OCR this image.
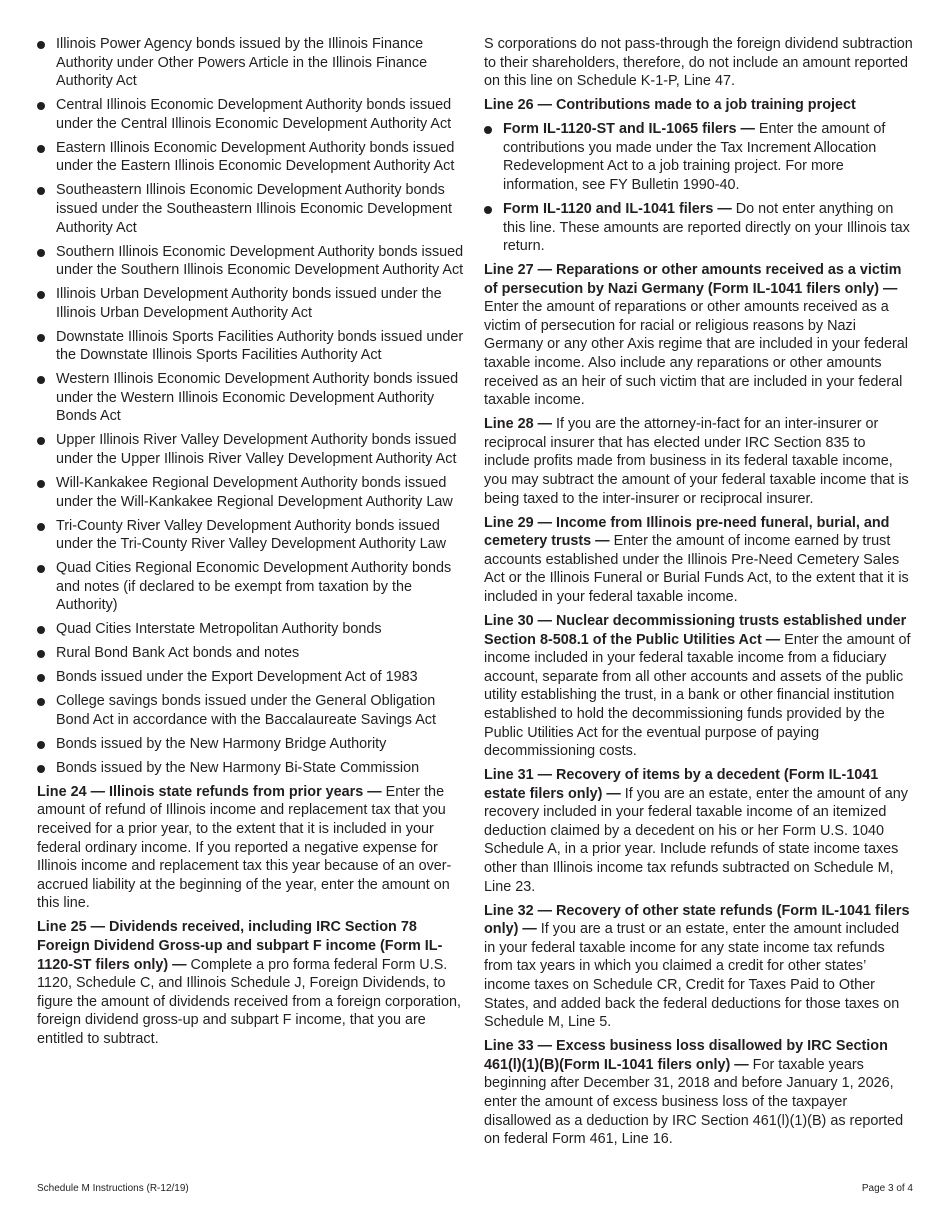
Illinois Power Agency bonds issued by the Illinois Finance Authority under Other Powers Article in the Illinois Finance Authority Act
Central Illinois Economic Development Authority bonds issued under the Central Illinois Economic Development Authority Act
Eastern Illinois Economic Development Authority bonds issued under the Eastern Illinois Economic Development Authority Act
Southeastern Illinois Economic Development Authority bonds issued under the Southeastern Illinois Economic Development Authority Act
Southern Illinois Economic Development Authority bonds issued under the Southern Illinois Economic Development Authority Act
Illinois Urban Development Authority bonds issued under the Illinois Urban Development Authority Act
Downstate Illinois Sports Facilities Authority bonds issued under the Downstate Illinois Sports Facilities Authority Act
Western Illinois Economic Development Authority bonds issued under the Western Illinois Economic Development Authority Bonds Act
Upper Illinois River Valley Development Authority bonds issued under the Upper Illinois River Valley Development Authority Act
Will-Kankakee Regional Development Authority bonds issued under the Will-Kankakee Regional Development Authority Law
Tri-County River Valley Development Authority bonds issued under the Tri-County River Valley Development Authority Law
Quad Cities Regional Economic Development Authority bonds and notes (if declared to be exempt from taxation by the Authority)
Quad Cities Interstate Metropolitan Authority bonds
Rural Bond Bank Act bonds and notes
Bonds issued under the Export Development Act of 1983
College savings bonds issued under the General Obligation Bond Act in accordance with the Baccalaureate Savings Act
Bonds issued by the New Harmony Bridge Authority
Bonds issued by the New Harmony Bi-State Commission

Line 24 — Illinois state refunds from prior years — Enter the amount of refund of Illinois income and replacement tax that you received for a prior year, to the extent that it is included in your federal ordinary income. If you reported a negative expense for Illinois income and replacement tax this year because of an over-accrued liability at the beginning of the year, enter the amount on this line.

Line 25 — Dividends received, including IRC Section 78 Foreign Dividend Gross-up and subpart F income (Form IL-1120-ST filers only) — Complete a pro forma federal Form U.S. 1120, Schedule C, and Illinois Schedule J, Foreign Dividends, to figure the amount of dividends received from a foreign corporation, foreign dividend gross-up and subpart F income, that you are entitled to subtract.

S corporations do not pass-through the foreign dividend subtraction to their shareholders, therefore, do not include an amount reported on this line on Schedule K-1-P, Line 47.

Line 26 — Contributions made to a job training project

Form IL-1120-ST and IL-1065 filers — Enter the amount of contributions you made under the Tax Increment Allocation Redevelopment Act to a job training project. For more information, see FY Bulletin 1990-40.
Form IL-1120 and IL-1041 filers — Do not enter anything on this line. These amounts are reported directly on your Illinois tax return.

Line 27 — Reparations or other amounts received as a victim of persecution by Nazi Germany (Form IL-1041 filers only) — Enter the amount of reparations or other amounts received as a victim of persecution for racial or religious reasons by Nazi Germany or any other Axis regime that are included in your federal taxable income. Also include any reparations or other amounts received as an heir of such victim that are included in your federal taxable income.

Line 28 — If you are the attorney-in-fact for an inter-insurer or reciprocal insurer that has elected under IRC Section 835 to include profits made from business in its federal taxable income, you may subtract the amount of your federal taxable income that is being taxed to the inter-insurer or reciprocal insurer.

Line 29 — Income from Illinois pre-need funeral, burial, and cemetery trusts — Enter the amount of income earned by trust accounts established under the Illinois Pre-Need Cemetery Sales Act or the Illinois Funeral or Burial Funds Act, to the extent that it is included in your federal taxable income.

Line 30 — Nuclear decommissioning trusts established under Section 8-508.1 of the Public Utilities Act — Enter the amount of income included in your federal taxable income from a fiduciary account, separate from all other accounts and assets of the public utility establishing the trust, in a bank or other financial institution established to hold the decommissioning funds provided by the Public Utilities Act for the eventual purpose of paying decommissioning costs.

Line 31 — Recovery of items by a decedent (Form IL-1041 estate filers only) — If you are an estate, enter the amount of any recovery included in your federal taxable income of an itemized deduction claimed by a decedent on his or her Form U.S. 1040 Schedule A, in a prior year. Include refunds of state income taxes other than Illinois income tax refunds subtracted on Schedule M, Line 23.

Line 32 — Recovery of other state refunds (Form IL-1041 filers only) — If you are a trust or an estate, enter the amount included in your federal taxable income for any state income tax refunds from tax years in which you claimed a credit for other states’ income taxes on Schedule CR, Credit for Taxes Paid to Other States, and added back the federal deductions for those taxes on Schedule M, Line 5.

Line 33 — Excess business loss disallowed by IRC Section 461(l)(1)(B)(Form IL-1041 filers only) — For taxable years beginning after December 31, 2018 and before January 1, 2026, enter the amount of excess business loss of the taxpayer disallowed as a deduction by IRC Section 461(l)(1)(B) as reported on federal Form 461, Line 16.

Schedule M Instructions (R-12/19)	Page 3 of 4
